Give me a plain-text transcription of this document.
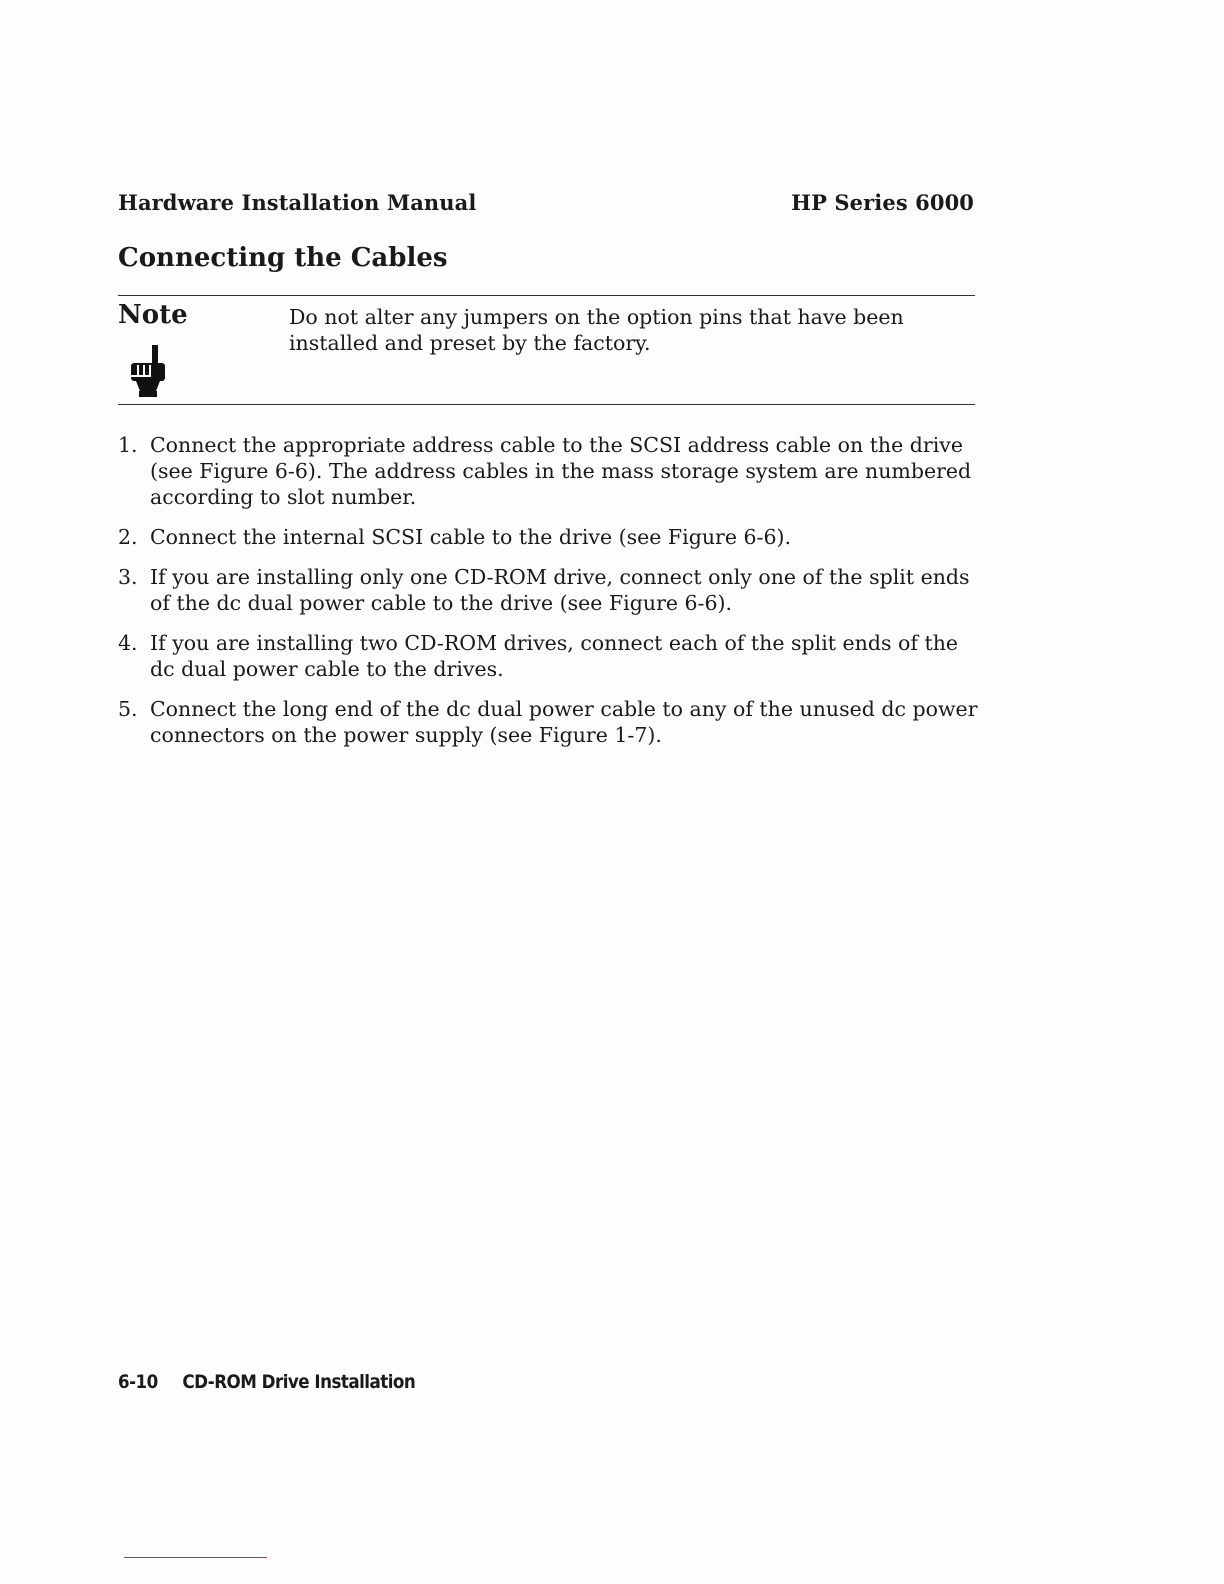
Hardware Installation Manual	HP Series 6000
Connecting the Cables
Note	Do not alter any jumpers on the option pins that have been installed and preset by the factory.
1. Connect the appropriate address cable to the SCSI address cable on the drive (see Figure 6-6). The address cables in the mass storage system are numbered according to slot number.
2. Connect the internal SCSI cable to the drive (see Figure 6-6).
3. If you are installing only one CD-ROM drive, connect only one of the split ends of the dc dual power cable to the drive (see Figure 6-6).
4. If you are installing two CD-ROM drives, connect each of the split ends of the dc dual power cable to the drives.
5. Connect the long end of the dc dual power cable to any of the unused dc power connectors on the power supply (see Figure 1-7).
6-10 CD-ROM Drive Installation
